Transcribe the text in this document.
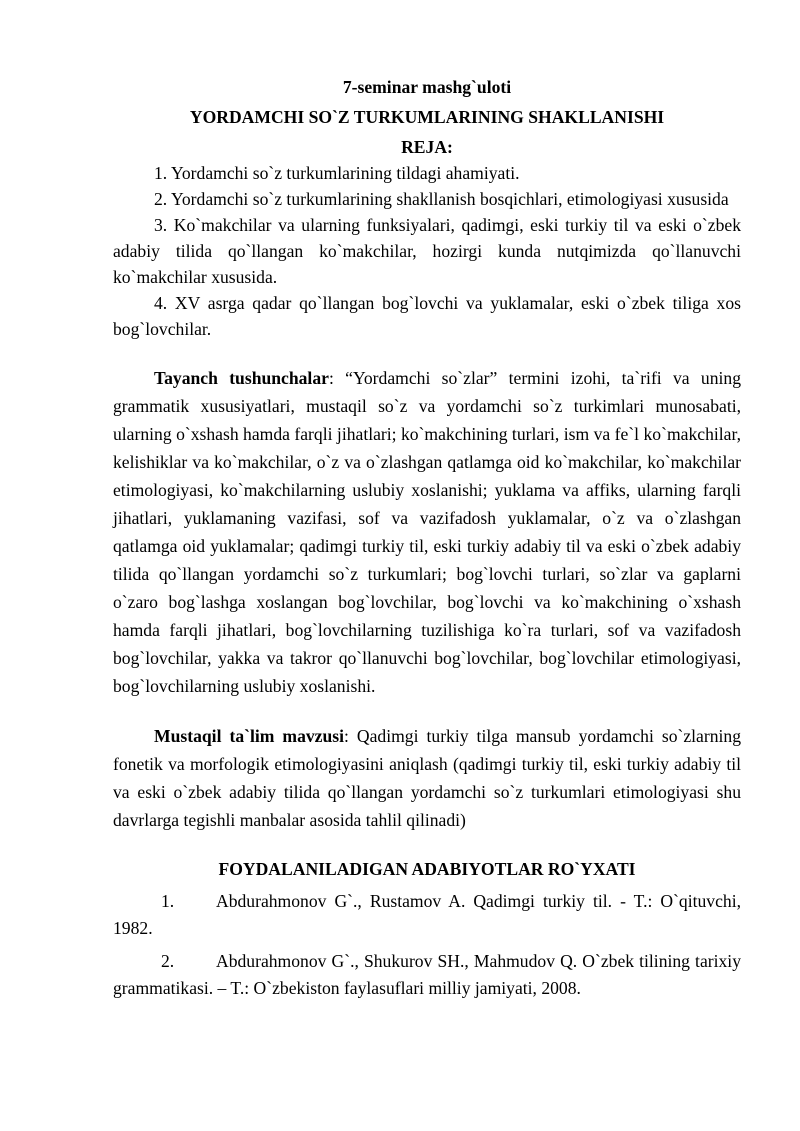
7-seminar mashg`uloti
YORDAMCHI SO`Z TURKUMLARINING SHAKLLANISHI
REJA:

1. Yordamchi so`z turkumlarining tildagi ahamiyati.

2. Yordamchi so`z turkumlarining shakllanish bosqichlari, etimologiyasi xususida

3. Ko`makchilar va ularning funksiyalari, qadimgi, eski turkiy til va eski o`zbek adabiy tilida qo`llangan ko`makchilar, hozirgi kunda nutqimizda qo`llanuvchi ko`makchilar xususida.

4. XV asrga qadar qo`llangan bog`lovchi va yuklamalar, eski o`zbek tiliga xos bog`lovchilar.

Tayanch tushunchalar: “Yordamchi so`zlar” termini izohi, ta`rifi va uning grammatik xususiyatlari, mustaqil so`z va yordamchi so`z turkimlari munosabati, ularning o`xshash hamda farqli jihatlari; ko`makchining turlari, ism va fe`l ko`makchilar, kelishiklar va ko`makchilar, o`z va o`zlashgan qatlamga oid ko`makchilar, ko`makchilar etimologiyasi, ko`makchilarning uslubiy xoslanishi; yuklama va affiks, ularning farqli jihatlari, yuklamaning vazifasi, sof va vazifadosh yuklamalar, o`z va o`zlashgan qatlamga oid yuklamalar; qadimgi turkiy til, eski turkiy adabiy til va eski o`zbek adabiy tilida qo`llangan yordamchi so`z turkumlari; bog`lovchi turlari, so`zlar va gaplarni o`zaro bog`lashga xoslangan bog`lovchilar, bog`lovchi va ko`makchining o`xshash hamda farqli jihatlari, bog`lovchilarning tuzilishiga ko`ra turlari, sof va vazifadosh bog`lovchilar, yakka va takror qo`llanuvchi bog`lovchilar, bog`lovchilar etimologiyasi, bog`lovchilarning uslubiy xoslanishi.

Mustaqil ta`lim mavzusi: Qadimgi turkiy tilga mansub yordamchi so`zlarning fonetik va morfologik etimologiyasini aniqlash (qadimgi turkiy til, eski turkiy adabiy til va eski o`zbek adabiy tilida qo`llangan yordamchi so`z turkumlari etimologiyasi shu davrlarga tegishli manbalar asosida tahlil qilinadi)

FOYDALANILADIGAN ADABIYOTLAR RO`YXATI

1. Abdurahmonov G`., Rustamov A. Qadimgi turkiy til. - T.: O`qituvchi, 1982.

2. Abdurahmonov G`., Shukurov SH., Mahmudov Q. O`zbek tilining tarixiy grammatikasi. – T.: O`zbekiston faylasuflari milliy jamiyati, 2008.
